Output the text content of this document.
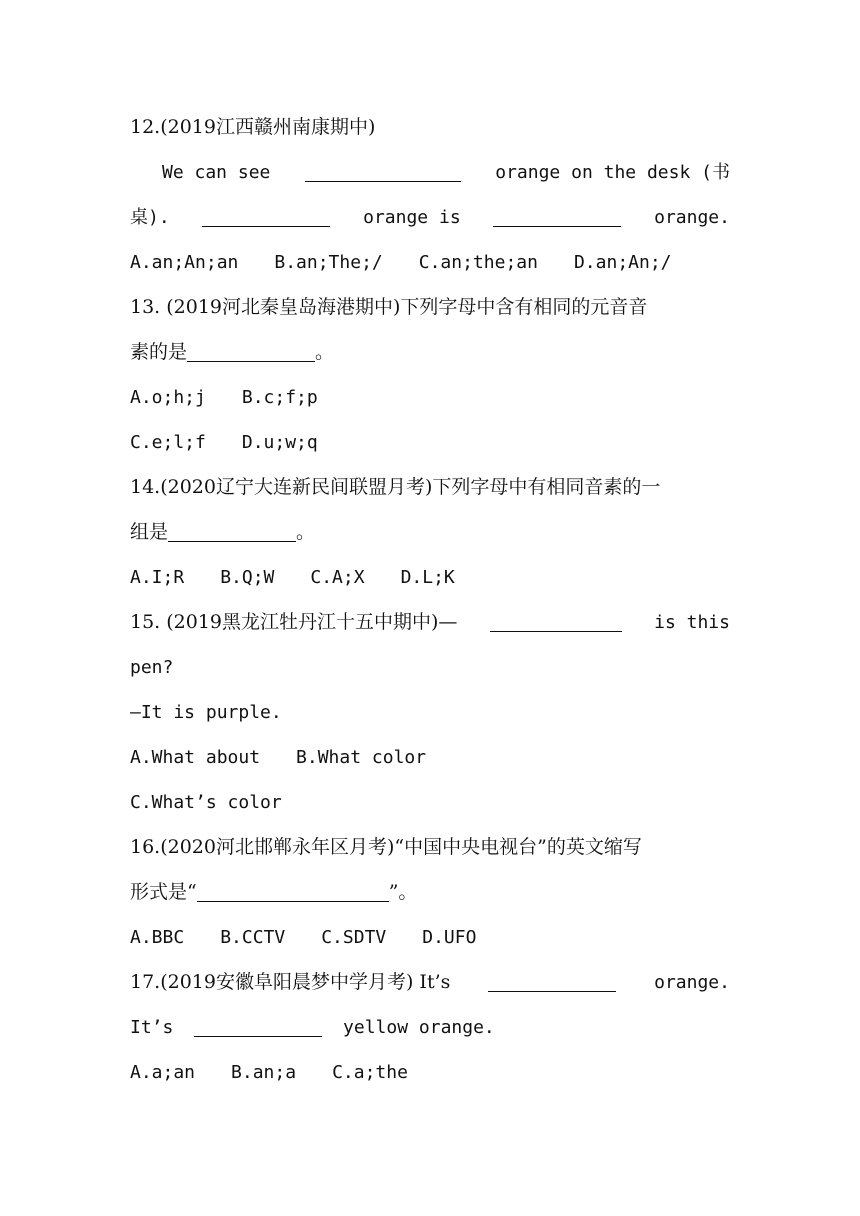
12.(2019江西赣州南康期中)
We can see	orange on the desk (书
桌).	orange is	orange.
A.an;An;an B.an;The;/ C.an;the;an D.an;An;/
13. (2019河北秦皇岛海港期中)下列字母中含有相同的元音音
素的是	。
A.o;h;j B.c;f;p
C.e;l;f D.u;w;q
14.(2020辽宁大连新民间联盟月考)下列字母中有相同音素的一
组是	。
A.I;R B.Q;W C.A;X D.L;K
15. (2019黑龙江牡丹江十五中期中)—	is this
pen?
—It is purple.
A.What about B.What color
C.What’s color
16.(2020河北邯郸永年区月考)“中国中央电视台”的英文缩写
形式是“	”。
A.BBC B.CCTV C.SDTV D.UFO
17.(2019安徽阜阳晨梦中学月考) It’s	orange.
It’s	yellow orange.
A.a;an B.an;a C.a;the
